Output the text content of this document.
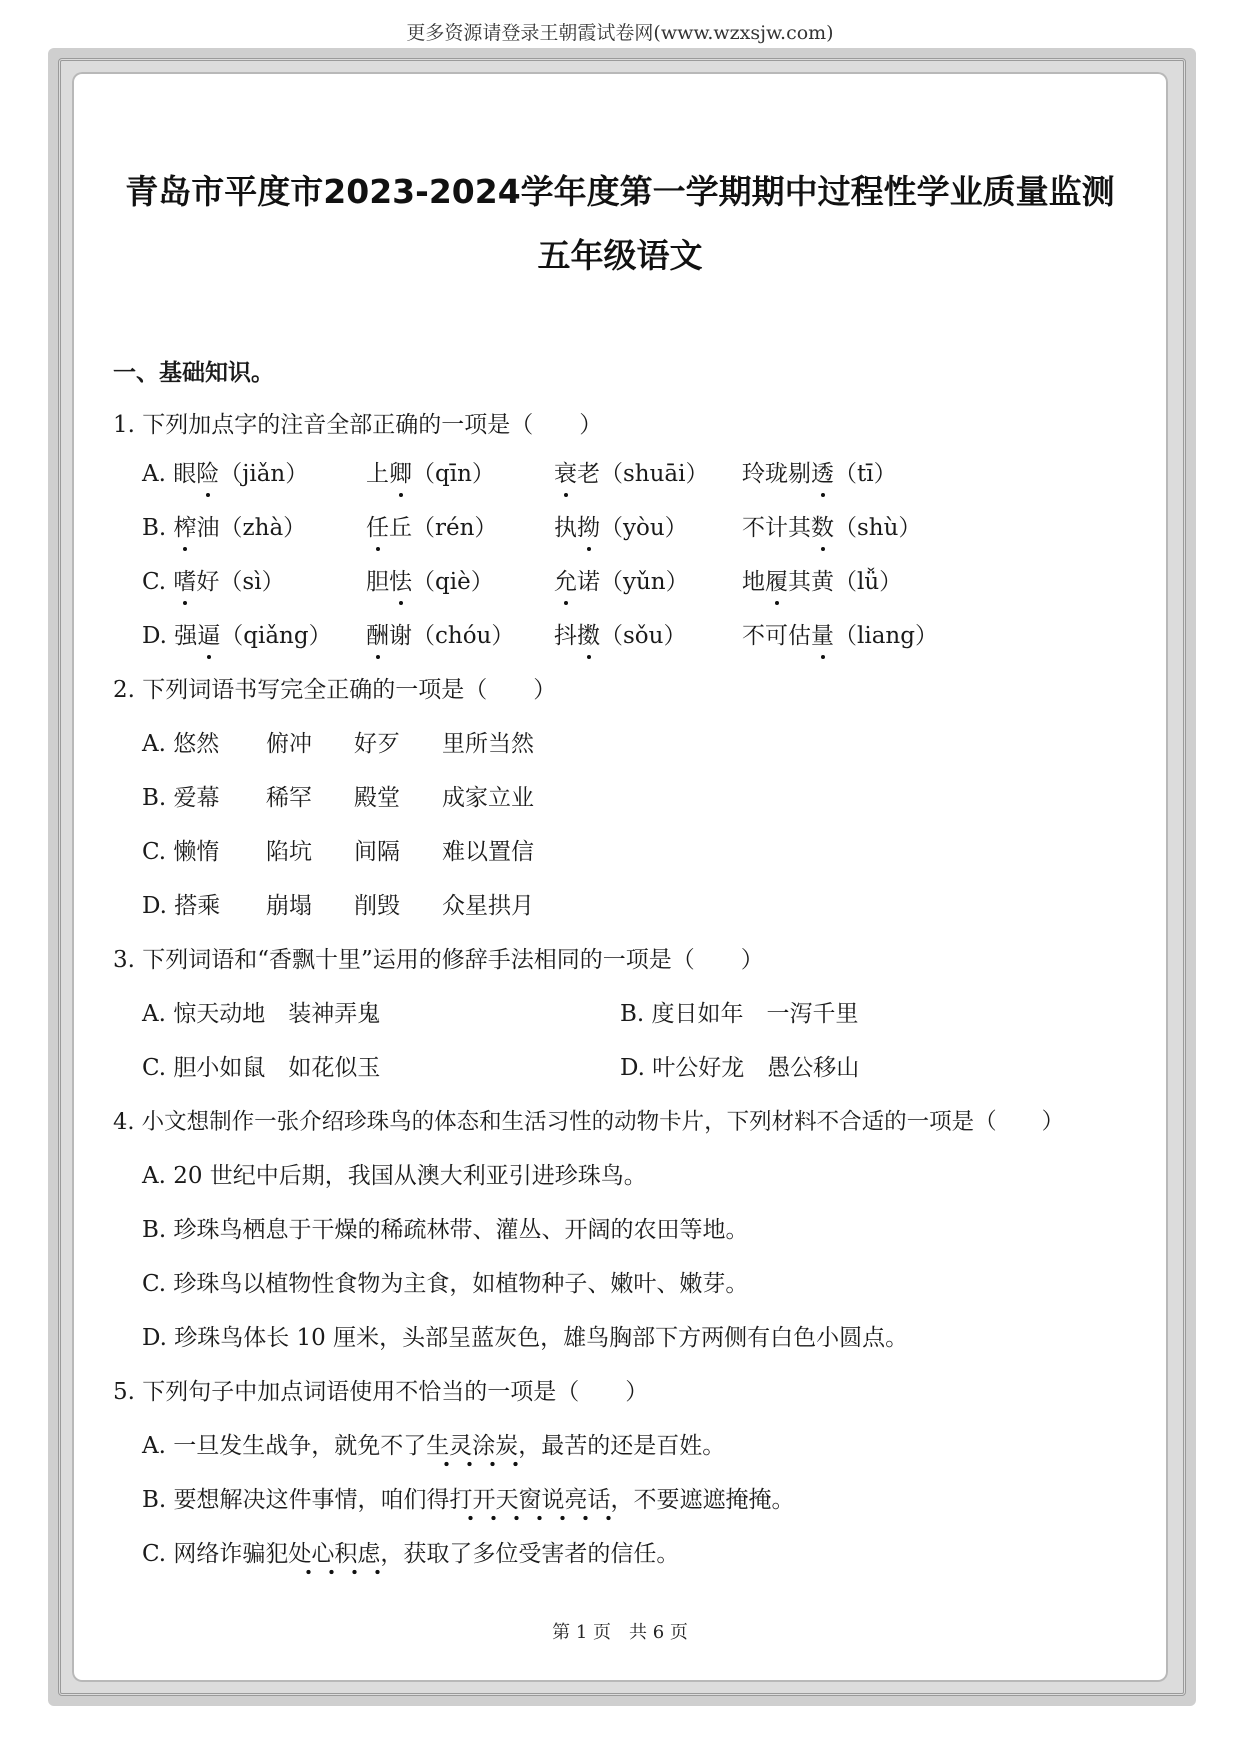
更多资源请登录王朝霞试卷网(www.wzxsjw.com)
青岛市平度市2023-2024学年度第一学期期中过程性学业质量监测
五年级语文
一、基础知识。
1. 下列加点字的注音全部正确的一项是（　　）
A. 眼险（jiǎn）	上卿（qīn）	衰老（shuāi） 玲珑剔透（tī）
B. 榨油（zhà）	任丘（rén） 执拗（yòu） 不计其数（shù）
C. 嗜好（sì）	胆怯（qiè）	允诺（yǔn） 地履其黄（lǚ）
D. 强逼（qiǎng） 酬谢（chóu） 抖擞（sǒu） 不可估量（liang）
2. 下列词语书写完全正确的一项是（　　）
A. 悠然 俯冲 好歹 里所当然
B. 爱幕 稀罕 殿堂 成家立业
C. 懒惰 陷坑 间隔 难以置信
D. 搭乘 崩塌 削毁 众星拱月
3. 下列词语和“香飘十里”运用的修辞手法相同的一项是（　　）
A. 惊天动地　装神弄鬼	B. 度日如年　一泻千里
C. 胆小如鼠　如花似玉	D. 叶公好龙　愚公移山
4. 小文想制作一张介绍珍珠鸟的体态和生活习性的动物卡片，下列材料不合适的一项是（　　）
A. 20 世纪中后期，我国从澳大利亚引进珍珠鸟。
B. 珍珠鸟栖息于干燥的稀疏林带、灌丛、开阔的农田等地。
C. 珍珠鸟以植物性食物为主食，如植物种子、嫩叶、嫩芽。
D. 珍珠鸟体长 10 厘米，头部呈蓝灰色，雄鸟胸部下方两侧有白色小圆点。
5. 下列句子中加点词语使用不恰当的一项是（　　）
A. 一旦发生战争，就免不了生灵涂炭，最苦的还是百姓。
B. 要想解决这件事情，咱们得打开天窗说亮话，不要遮遮掩掩。
C. 网络诈骗犯处心积虑，获取了多位受害者的信任。
第 1 页　共 6 页
